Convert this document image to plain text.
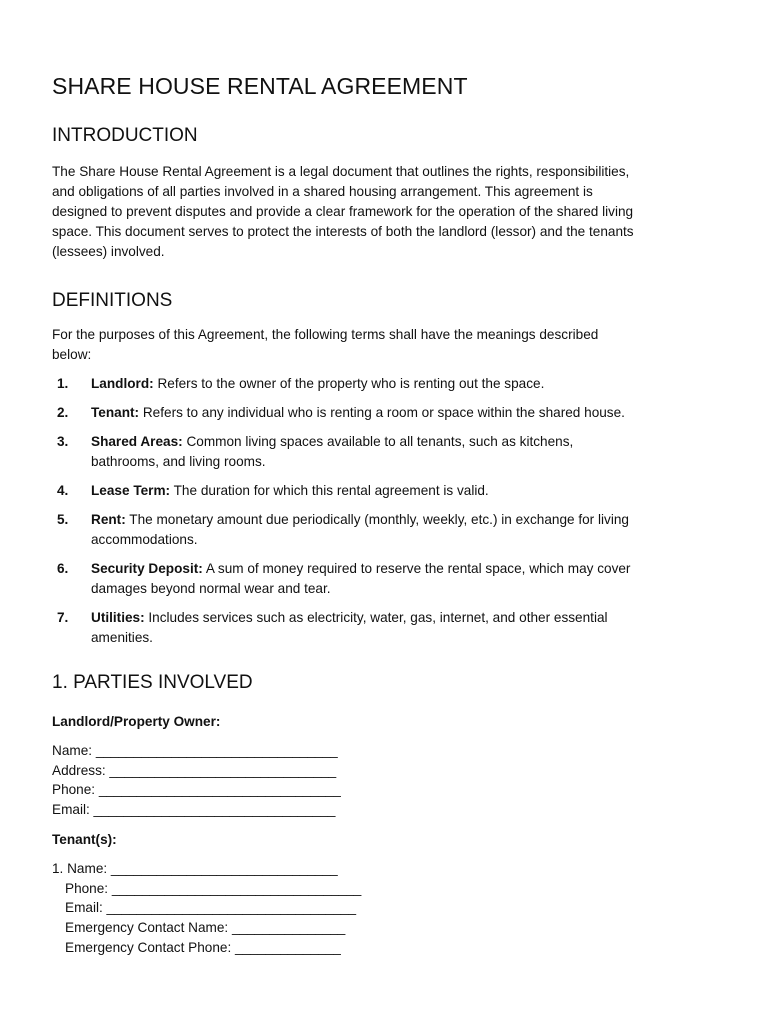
SHARE HOUSE RENTAL AGREEMENT
INTRODUCTION

The Share House Rental Agreement is a legal document that outlines the rights, responsibilities,
and obligations of all parties involved in a shared housing arrangement. This agreement is
designed to prevent disputes and provide a clear framework for the operation of the shared living
space. This document serves to protect the interests of both the landlord (lessor) and the tenants
(lessees) involved.

DEFINITIONS

For the purposes of this Agreement, the following terms shall have the meanings described
below:

1. Landlord: Refers to the owner of the property who is renting out the space.
2. Tenant: Refers to any individual who is renting a room or space within the shared house.
3. Shared Areas: Common living spaces available to all tenants, such as kitchens,
bathrooms, and living rooms.
4. Lease Term: The duration for which this rental agreement is valid.
5. Rent: The monetary amount due periodically (monthly, weekly, etc.) in exchange for living
accommodations.
6. Security Deposit: A sum of money required to reserve the rental space, which may cover
damages beyond normal wear and tear.
7. Utilities: Includes services such as electricity, water, gas, internet, and other essential
amenities.
1. PARTIES INVOLVED

Landlord/Property Owner:

Name: ________________________________
Address: ______________________________
Phone: ________________________________
Email: ________________________________

Tenant(s):

1. Name: ______________________________
Phone: _________________________________
Email: _________________________________
Emergency Contact Name: _______________
Emergency Contact Phone: ______________
